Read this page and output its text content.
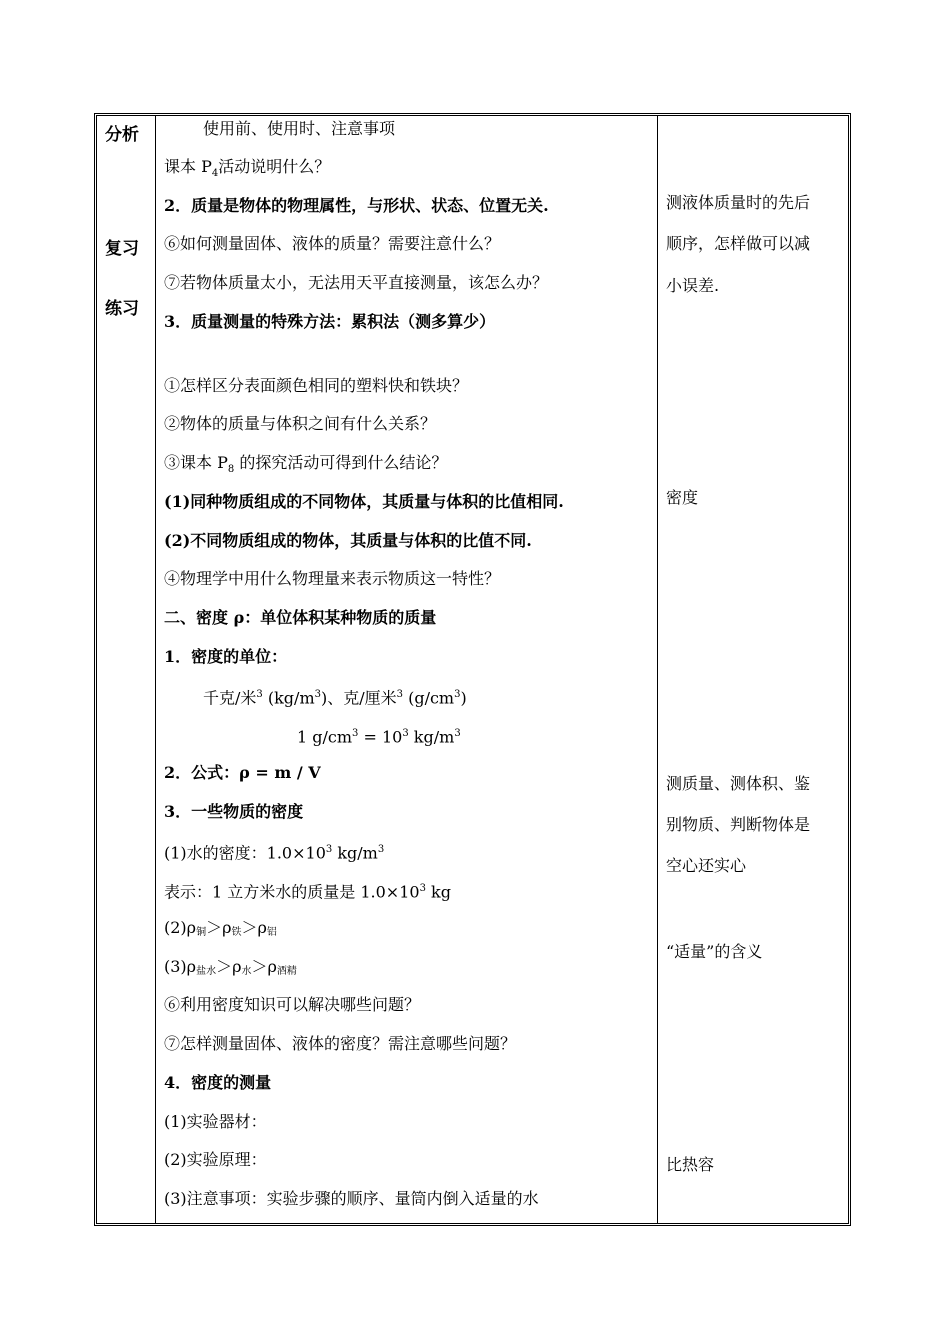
分析
复习
练习
使用前、使用时、注意事项
课本 $P_4$活动说明什么？
2．质量是物体的物理属性，与形状、状态、位置无关.
⑥如何测量固体、液体的质量？需要注意什么？
⑦若物体质量太小，无法用天平直接测量，该怎么办？
3．质量测量的特殊方法：累积法（测多算少）
①怎样区分表面颜色相同的塑料快和铁块？
②物体的质量与体积之间有什么关系？
③课本 $P_8$ 的探究活动可得到什么结论？
(1)同种物质组成的不同物体，其质量与体积的比值相同.
(2)不同物质组成的物体，其质量与体积的比值不同.
④物理学中用什么物理量来表示物质这一特性？
二、密度 ρ：单位体积某种物质的质量
1．密度的单位：
千克/米$^3$ $(kg/m^3)$、克/厘米$^3$ $(g/cm^3)$
1 $g/cm^3 = 10^3$ $kg/m^3$
2．公式：ρ = m / V
3．一些物质的密度
(1)水的密度：$1.0\times 10^3$ $kg/m^3$
表示：1 立方米水的质量是 $1.0\times 10^3$ kg
(2)ρ铜＞ρ铁＞ρ铝
(3)ρ盐水＞ρ水＞ρ酒精
⑥利用密度知识可以解决哪些问题？
⑦怎样测量固体、液体的密度？需注意哪些问题？
4．密度的测量
(1)实验器材：
(2)实验原理：
(3)注意事项：实验步骤的顺序、量筒内倒入适量的水
测液体质量时的先后
顺序，怎样做可以减
小误差.
密度
测质量、测体积、鉴
别物质、判断物体是
空心还实心
“适量”的含义
比热容
